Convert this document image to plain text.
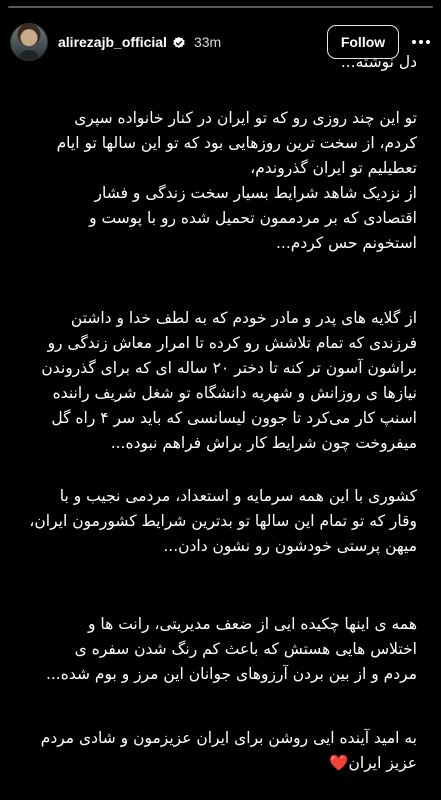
alirezajb_official 33m	Follow
دل نوشته...
تو این چند روزی رو که تو ایران در کنار خانواده سپری
کردم، از سخت ترین روزهایی بود که تو این سالها تو ایام
تعطیلیم تو ایران گذروندم،
از نزدیک شاهد شرایط بسیار سخت زندگی و فشار
اقتصادی که بر مردممون تحمیل شده رو با پوست و
استخونم حس کردم...
از گلایه های پدر و مادر خودم که به لطف خدا و داشتن
فرزندی که تمام تلاشش رو کرده تا امرار معاش زندگی رو
براشون آسون تر کنه تا دختر ۲۰ ساله ای که برای گذروندن
نیازها ی روزانش و شهریه دانشگاه تو شغل شریف راننده
اسنپ کار می‌کرد تا جوون لیسانسی که باید سر ۴ راه گل
میفروخت چون شرایط کار براش فراهم نبوده...
کشوری با این همه سرمایه و استعداد، مردمی نجیب و با
وقار که تو تمام این سالها تو بدترین شرایط کشورمون ایران،
میهن پرستی خودشون رو نشون دادن...
همه ی اینها چکیده ایی از ضعف مدیریتی، رانت ها و
اختلاس هایی هستش که باعث کم رنگ شدن سفره ی
مردم و از بین بردن آرزوهای جوانان این مرز و بوم شده...
به امید آینده ایی روشن برای ایران عزیزمون و شادی مردم
عزیز ایران❤️
